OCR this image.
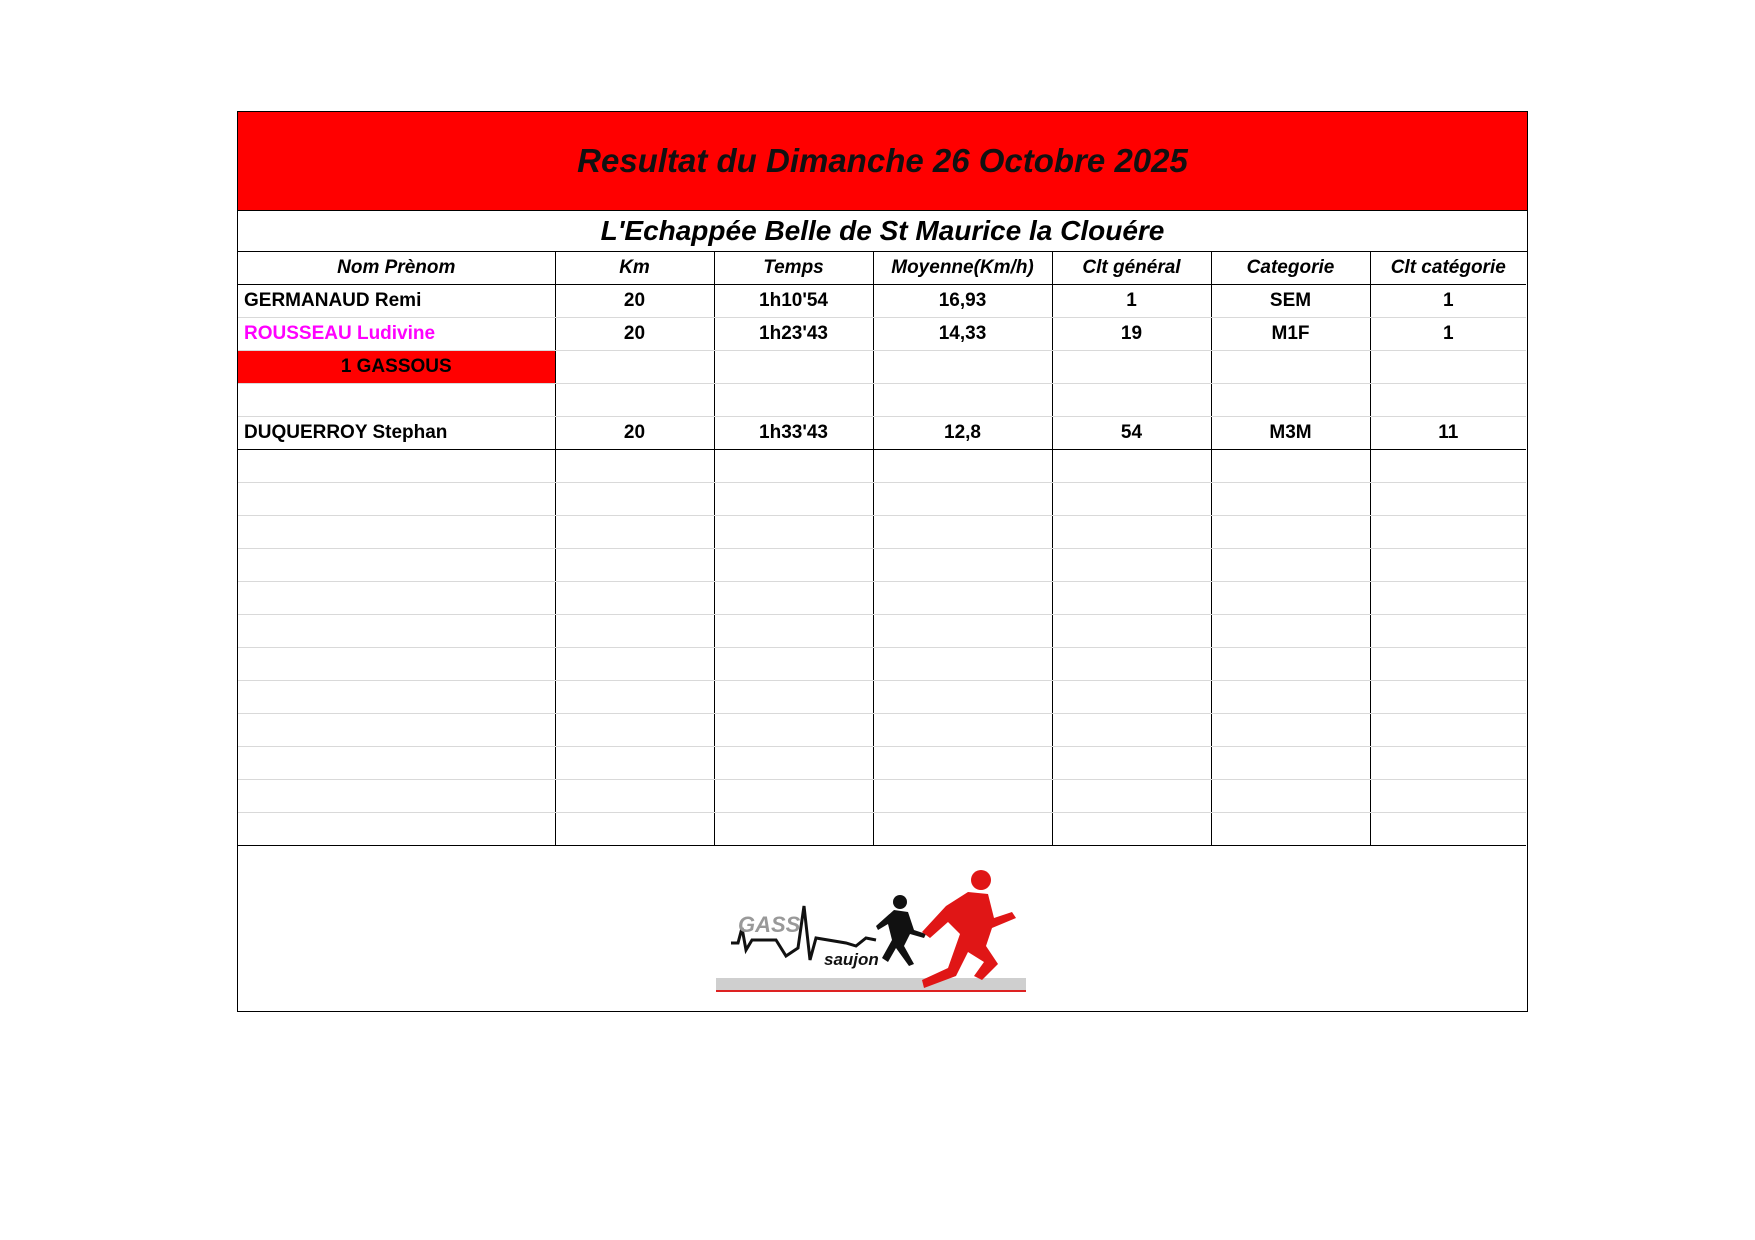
Resultat du Dimanche 26 Octobre 2025
L'Echappée Belle de St Maurice la Clouére
Nom Prènom	Km	Temps	Moyenne(Km/h)	Clt général	Categorie	Clt catégorie
GERMANAUD Remi	20	1h10'54	16,93	1	SEM	1
ROUSSEAU Ludivine	20	1h23'43	14,33	19	M1F	1
1 GASSOUS						

DUQUERROY Stephan	20	1h33'43	12,8	54	M3M	11

GASS
saujon
